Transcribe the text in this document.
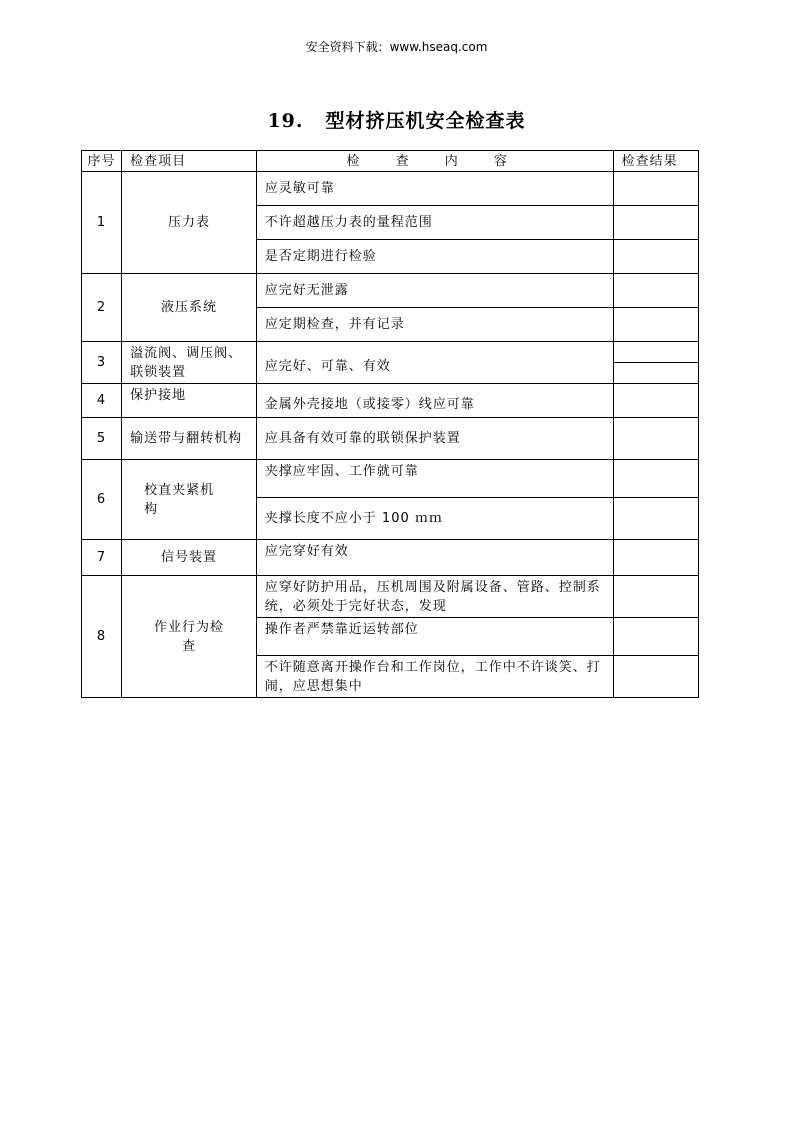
安全资料下载：www.hseaq.com
19. 型材挤压机安全检查表
序号	检查项目	检 查 内 容	检查结果
1	压力表	应灵敏可靠	
		不许超越压力表的量程范围	
		是否定期进行检验	
2	液压系统	应完好无泄露	
		应定期检查，并有记录	
3	溢流阀、调压阀、联锁装置	应完好、可靠、有效	

4	保护接地	金属外壳接地（或接零）线应可靠	
5	输送带与翻转机构	应具备有效可靠的联锁保护装置	
6	校直夹紧机构	夹撑应牢固、工作就可靠	
		夹撑长度不应小于 100 ｍｍ	
7	信号装置	应完穿好有效	
8	作业行为检查	应穿好防护用品，压机周围及附属设备、管路、控制系统，必须处于完好状态，发现	
		操作者严禁靠近运转部位	
		不许随意离开操作台和工作岗位，工作中不许谈笑、打闹，应思想集中	
